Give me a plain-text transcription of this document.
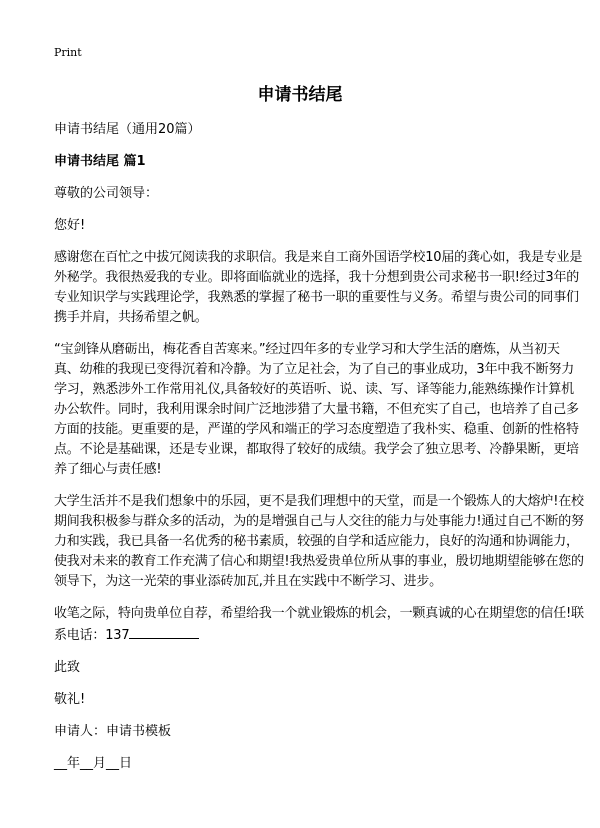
Print
申请书结尾

申请书结尾（通用20篇）

申请书结尾 篇1

尊敬的公司领导：

您好!

感谢您在百忙之中拔冗阅读我的求职信。我是来自工商外国语学校10届的龚心如，我是专业是外秘学。我很热爱我的专业。即将面临就业的选择，我十分想到贵公司求秘书一职!经过3年的专业知识学与实践理论学，我熟悉的掌握了秘书一职的重要性与义务。希望与贵公司的同事们携手并肩，共扬希望之帆。

“宝剑锋从磨砺出，梅花香自苦寒来。”经过四年多的专业学习和大学生活的磨炼，从当初天真、幼稚的我现已变得沉着和冷静。为了立足社会，为了自己的事业成功，3年中我不断努力学习，熟悉涉外工作常用礼仪,具备较好的英语听、说、读、写、译等能力,能熟练操作计算机办公软件。同时，我利用课余时间广泛地涉猎了大量书籍，不但充实了自己，也培养了自己多方面的技能。更重要的是，严谨的学风和端正的学习态度塑造了我朴实、稳重、创新的性格特点。不论是基础课，还是专业课，都取得了较好的成绩。我学会了独立思考、冷静果断，更培养了细心与责任感!

大学生活并不是我们想象中的乐园，更不是我们理想中的天堂，而是一个锻炼人的大熔炉!在校期间我积极参与群众多的活动，为的是增强自己与人交往的能力与处事能力!通过自己不断的努力和实践，我已具备一名优秀的秘书素质，较强的自学和适应能力，良好的沟通和协调能力，使我对未来的教育工作充满了信心和期望!我热爱贵单位所从事的事业，殷切地期望能够在您的领导下，为这一光荣的事业添砖加瓦,并且在实践中不断学习、进步。

收笔之际，特向贵单位自荐，希望给我一个就业锻炼的机会，一颗真诚的心在期望您的信任!联系电话：137

此致

敬礼!

申请人：申请书模板

__年__月__日
